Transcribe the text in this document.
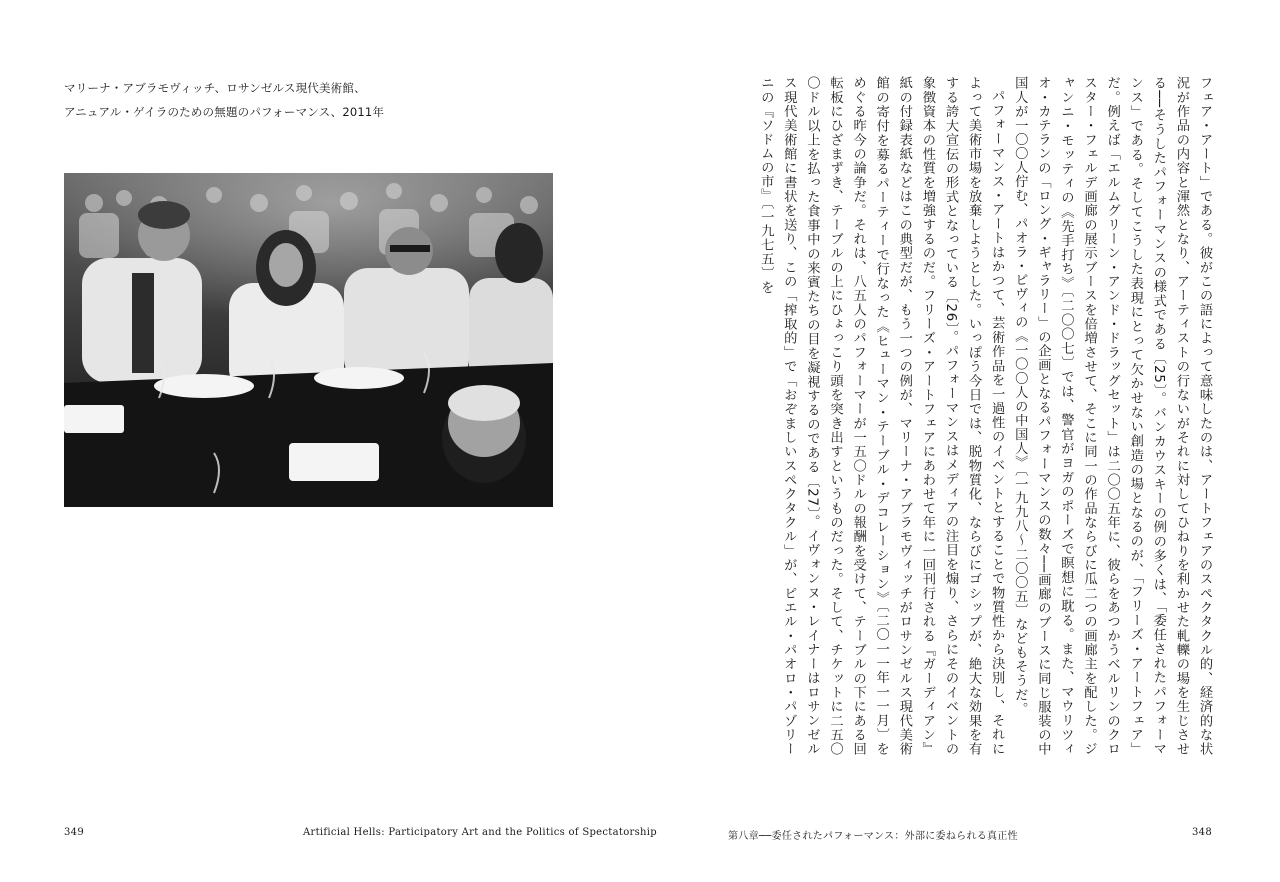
マリーナ・アブラモヴィッチ、ロサンゼルス現代美術館、
アニュアル・ゲイラのための無題のパフォーマンス、2011年	フェア・アート」である。彼がこの語によって意味したのは、アートフェアのスペクタクル的、経済的な状況が作品の内容と渾然となり、アーティストの行ないがそれに対してひねりを利かせた軋轢の場を生じさせる──そうしたパフォーマンスの様式である〔25〕。バンカウスキーの例の多くは、「委任されたパフォーマンス」である。そしてこうした表現にとって欠かせない創造の場となるのが、「フリーズ・アートフェア」だ。例えば「エルムグリーン・アンド・ドラッグセット」は二〇〇五年に、彼らをあつかうベルリンのクロスター・フェルデ画廊の展示ブースを倍増させて、そこに同一の作品ならびに瓜二つの画廊主を配した。ジャンニ・モッティの《先手打ち》〔二〇〇七〕では、警官がヨガのポーズで瞑想に耽る。また、マウリツィオ・カテランの「ロング・ギャラリー」の企画となるパフォーマンスの数々──画廊のブースに同じ服装の中国人が一〇〇人佇む、パオラ・ピヴィの《一〇〇人の中国人》〔一九九八〜二〇〇五〕などもそうだ。

パフォーマンス・アートはかつて、芸術作品を一過性のイベントとすることで物質性から決別し、それによって美術市場を放棄しようとした。いっぽう今日では、脱物質化、ならびにゴシップが、絶大な効果を有する誇大宣伝の形式となっている〔26〕。パフォーマンスはメディアの注目を煽り、さらにそのイベントの象徴資本の性質を増強するのだ。フリーズ・アートフェアにあわせて年に一回刊行される『ガーディアン』紙の付録表紙などはこの典型だが、もう一つの例が、マリーナ・アブラモヴィッチがロサンゼルス現代美術館の寄付を募るパーティーで行なった《ヒューマン・テーブル・デコレーション》〔二〇一一年一一月〕をめぐる昨今の論争だ。それは、八五人のパフォーマーが一五〇ドルの報酬を受けて、テーブルの下にある回転板にひざまずき、テーブルの上にひょっこり頭を突き出すというものだった。そして、チケットに二五〇〇ドル以上を払った食事中の来賓たちの目を凝視するのである〔27〕。イヴォンヌ・レイナーはロサンゼルス現代美術館に書状を送り、この「搾取的」で「おぞましいスペクタクル」が、ピエル・パオロ・パゾリーニの『ソドムの市』〔一九七五〕を

349	Artificial Hells: Participatory Art and the Politics of Spectatorship	第八章──委任されたパフォーマンス：外部に委ねられる真正性	348
